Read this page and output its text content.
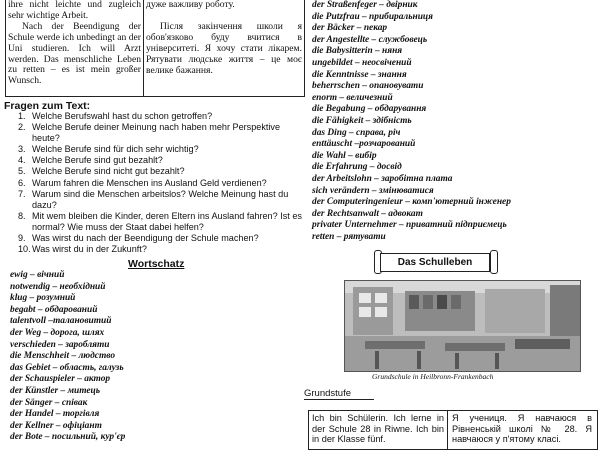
ihre nicht leichte und zugleich sehr wichtige Arbeit.

Nach der Beendigung der Schule werde ich unbedingt an der Uni studieren. Ich will Arzt werden. Das menschliche Leben zu retten – es ist mein großer Wunsch.

дуже важливу роботу.

Після закінчення школи я обов'язково буду вчитися в університеті. Я хочу стати лікарем. Рятувати людське життя – це моє велике бажання.

Fragen zum Text:
1. Welche Berufswahl hast du schon getroffen?
2. Welche Berufe deiner Meinung nach haben mehr Perspektive heute?
3. Welche Berufe sind für dich sehr wichtig?
4. Welche Berufe sind gut bezahlt?
5. Welche Berufe sind nicht gut bezahlt?
6. Warum fahren die Menschen ins Ausland Geld verdienen?
7. Warum sind die Menschen arbeitslos? Welche Meinung hast du dazu?
8. Mit wem bleiben die Kinder, deren Eltern ins Ausland fahren? Ist es normal? Wie muss der Staat dabei helfen?
9. Was wirst du nach der Beendigung der Schule machen?
10. Was wirst du in der Zukunft?
Wortschatz
ewig – вічний
notwendig – необхідний
klug – розумний
begabt – обдарований
talentvoll –талановитий
der Weg – дорога, шлях
verschieden – заробляти
die Menschheit – людство
das Gebiet – область, галузь
der Schauspieler – актор
der Künstler – митець
der Sänger – співак
der Handel – торгівля
der Kellner – офіціант
der Bote – посильний, кур'єр
der Straßenfeger – двірник
die Putzfrau – прибиральниця
der Bäcker – пекар
der Angestellte – службовець
die Babysitterin – няня
ungebildet – неосвічений
die Kenntnisse – знання
beherrschen – опановувати
enorm – величезний
die Begabung – обдарування
die Fähigkeit – здібність
das Ding – справа, річ
enttäuscht –розчарований
die Wahl – вибір
die Erfahrung – досвід
der Arbeitslohn – заробітна плата
sich verändern – змінюватися
der Computeringenieur – комп'ютерний інженер
der Rechtsanwalt – адвокат
privater Unternehmer – приватний підприємець
retten – рятувати
Das Schulleben
Grundschule in Heilbronn-Frankenbach
Grundstufe
Ich bin Schülerin. Ich lerne in der Schule 28 in Riwne. Ich bin in der Klasse fünf.
Я учениця. Я навчаюся в Рівненській школі № 28. Я навчаюся у п'ятому класі.
